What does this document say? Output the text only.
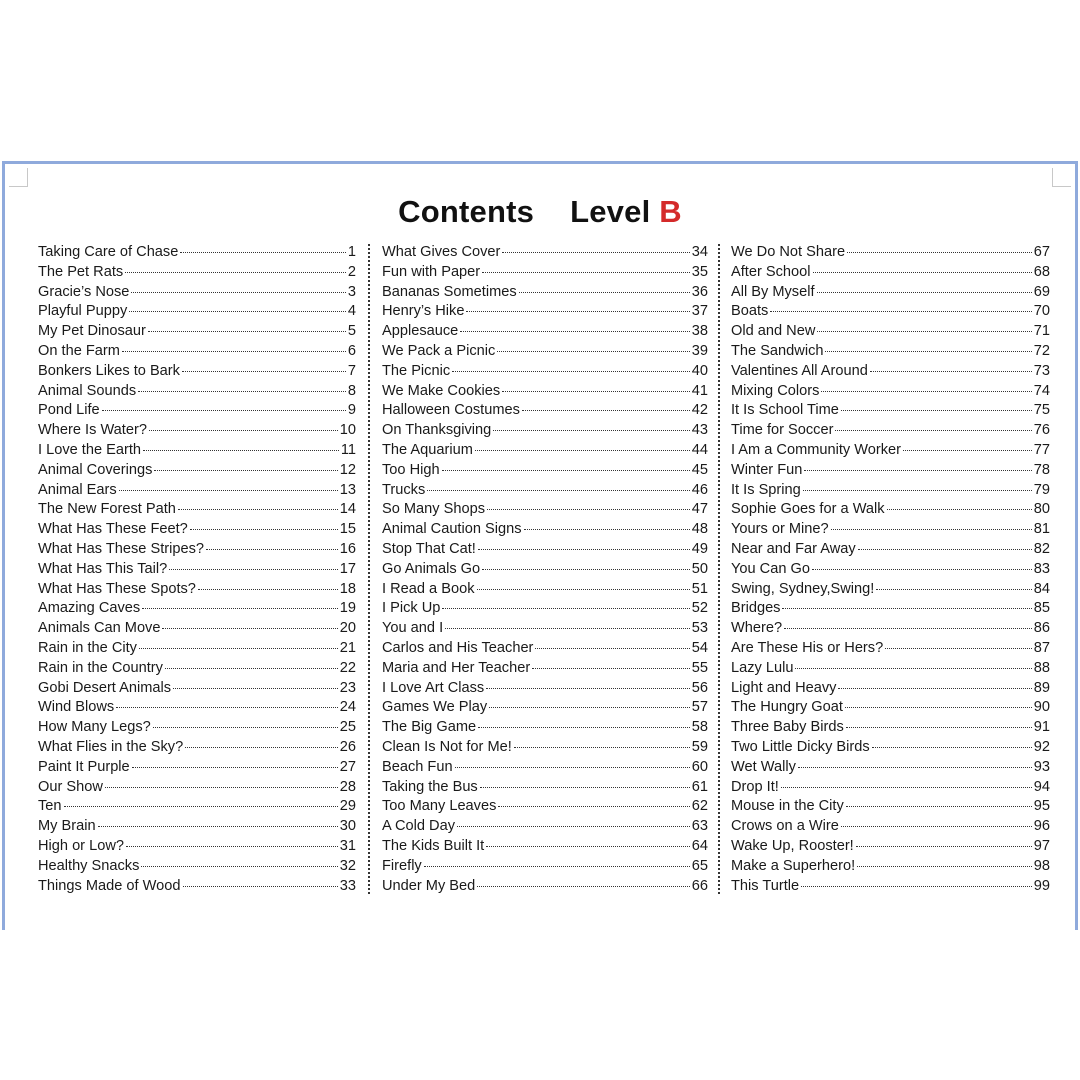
Contents Level B
Taking Care of Chase	1
The Pet Rats	2
Gracie’s Nose	3
Playful Puppy	4
My Pet Dinosaur	5
On the Farm	6
Bonkers Likes to Bark	7
Animal Sounds	8
Pond Life	9
Where Is Water?	10
I Love the Earth	11
Animal Coverings	12
Animal Ears	13
The New Forest Path	14
What Has These Feet?	15
What Has These Stripes?	16
What Has This Tail?	17
What Has These Spots?	18
Amazing Caves	19
Animals Can Move	20
Rain in the City	21
Rain in the Country	22
Gobi Desert Animals	23
Wind Blows	24
How Many Legs?	25
What Flies in the Sky?	26
Paint It Purple	27
Our Show	28
Ten	29
My Brain	30
High or Low?	31
Healthy Snacks	32
Things Made of Wood	33
What Gives Cover	34
Fun with Paper	35
Bananas Sometimes	36
Henry’s Hike	37
Applesauce	38
We Pack a Picnic	39
The Picnic	40
We Make Cookies	41
Halloween Costumes	42
On Thanksgiving	43
The Aquarium	44
Too High	45
Trucks	46
So Many Shops	47
Animal Caution Signs	48
Stop That Cat!	49
Go Animals Go	50
I Read a Book	51
I Pick Up	52
You and I	53
Carlos and His Teacher	54
Maria and Her Teacher	55
I Love Art Class	56
Games We Play	57
The Big Game	58
Clean Is Not for Me!	59
Beach Fun	60
Taking the Bus	61
Too Many Leaves	62
A Cold Day	63
The Kids Built It	64
Firefly	65
Under My Bed	66
We Do Not Share	67
After School	68
All By Myself	69
Boats	70
Old and New	71
The Sandwich	72
Valentines All Around	73
Mixing Colors	74
It Is School Time	75
Time for Soccer	76
I Am a Community Worker	77
Winter Fun	78
It Is Spring	79
Sophie Goes for a Walk	80
Yours or Mine?	81
Near and Far Away	82
You Can Go	83
Swing, Sydney,Swing!	84
Bridges	85
Where?	86
Are These His or Hers?	87
Lazy Lulu	88
Light and Heavy	89
The Hungry Goat	90
Three Baby Birds	91
Two Little Dicky Birds	92
Wet Wally	93
Drop It!	94
Mouse in the City	95
Crows on a Wire	96
Wake Up, Rooster!	97
Make a Superhero!	98
This Turtle	99
